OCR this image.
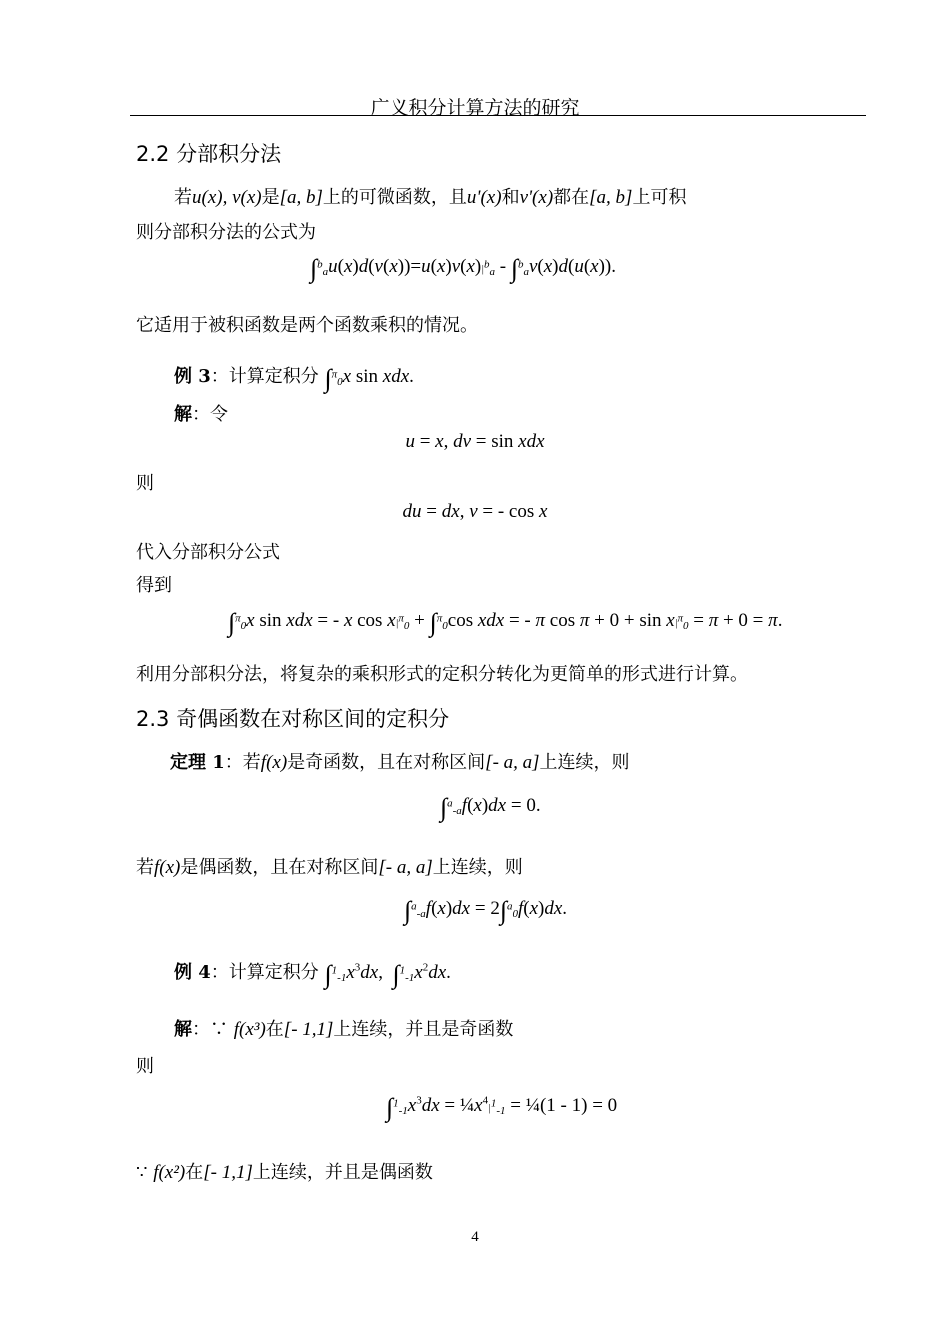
广义积分计算方法的研究
2.2 分部积分法
若u(x), v(x)是[a, b]上的可微函数，且u'(x)和v'(x)都在[a, b]上可积
则分部积分法的公式为
$\int^b_au(x)d(v(x))=u(x)v(x)|^b_a - \int^b_av(x)d(u(x))$.
它适用于被积函数是两个函数乘积的情况。
例 3：计算定积分 ∫$^\pi_0$x sin xdx.
解：令
u = x, dv = sin xdx
则
du = dx, v = - cos x
代入分部积分公式
得到
∫$^\pi_0$x sin xdx = - x $\cos x|^\pi_0 + \int^\pi_0\cos$ xdx = - π $\cos \pi + 0 + \sin x|^\pi_0 = \pi + 0 = \pi$.
利用分部积分法，将复杂的乘积形式的定积分转化为更简单的形式进行计算。
2.3 奇偶函数在对称区间的定积分
定理 1：若f(x)是奇函数，且在对称区间[- a, a]上连续，则
∫$^a_{-a}$f(x)dx = 0.
若f(x)是偶函数，且在对称区间[- a, a]上连续，则
∫$^a_{-a}$f(x)dx = 2∫$^a_0$f(x)dx.
例 4：计算定积分 $\int^1_{-1}x^3dx$,  $\int^1_{-1}x^2dx$.
解：∵ f(x³)在[- 1,1]上连续，并且是奇函数
则
$\int^1_{-1}x^3dx$ = $\frac{1}{4}x^4|^1_{-1}$ = ¼(1 - 1) = 0
∵ f(x²)在[- 1,1]上连续，并且是偶函数
4
